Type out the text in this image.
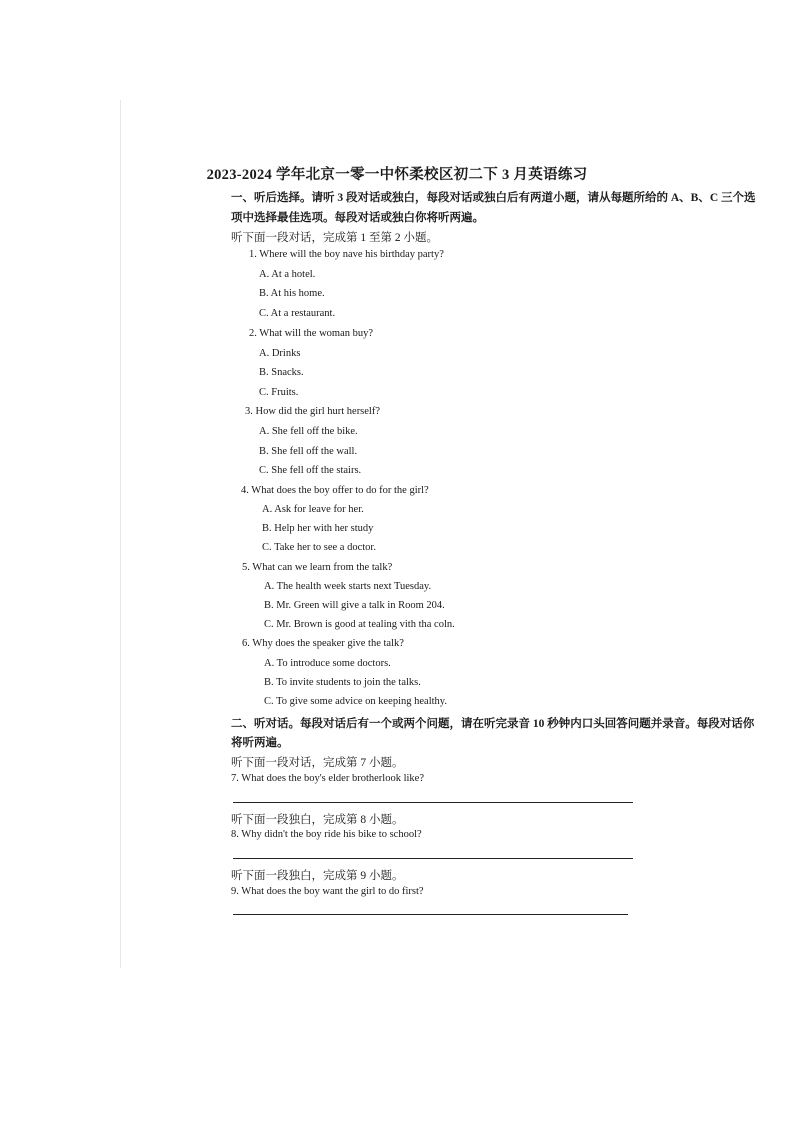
2023-2024 学年北京一零一中怀柔校区初二下 3 月英语练习
一、听后选择。请听 3 段对话或独白，每段对话或独白后有两道小题，请从每题所给的 A、B、C 三个选
项中选择最佳选项。每段对话或独白你将听两遍。
听下面一段对话，完成第 1 至第 2 小题。
1. Where will the boy nave his birthday party?
A. At a hotel.
B. At his home.
C. At a restaurant.
2. What will the woman buy?
A. Drinks
B. Snacks.
C. Fruits.
3. How did the girl hurt herself?
A. She fell off the bike.
B. She fell off the wall.
C. She fell off the stairs.
4. What does the boy offer to do for the girl?
A. Ask for leave for her.
B. Help her with her study
C. Take her to see a doctor.
5. What can we learn from the talk?
A. The health week starts next Tuesday.
B. Mr. Green will give a talk in Room 204.
C. Mr. Brown is good at tealing vith tha coln.
6. Why does the speaker give the talk?
A. To introduce some doctors.
B. To invite students to join the talks.
C. To give some advice on keeping healthy.
二、听对话。每段对话后有一个或两个问题，请在听完录音 10 秒钟内口头回答问题并录音。每段对话你
将听两遍。
听下面一段对话，完成第 7 小题。
7. What does the boy's elder brotherlook like?
听下面一段独白，完成第 8 小题。
8. Why didn't the boy ride his bike to school?
听下面一段独白，完成第 9 小题。
9. What does the boy want the girl to do first?
